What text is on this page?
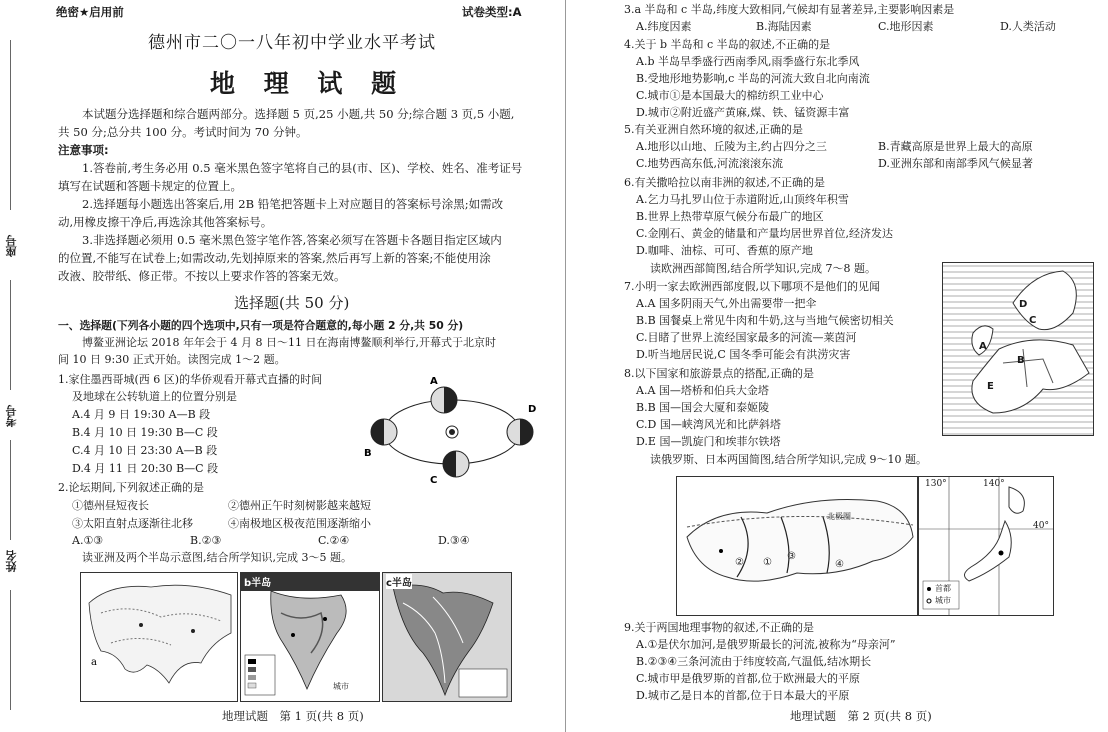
座号
考号
姓名
绝密★启用前	试卷类型:A
德州市二〇一八年初中学业水平考试
地 理 试 题
本试题分选择题和综合题两部分。选择题 5 页,25 小题,共 50 分;综合题 3 页,5 小题,
共 50 分;总分共 100 分。考试时间为 70 分钟。
注意事项:
1.答卷前,考生务必用 0.5 毫米黑色签字笔将自己的县(市、区)、学校、姓名、准考证号
填写在试题和答题卡规定的位置上。
2.选择题每小题选出答案后,用 2B 铅笔把答题卡上对应题目的答案标号涂黑;如需改
动,用橡皮擦干净后,再选涂其他答案标号。
3.非选择题必须用 0.5 毫米黑色签字笔作答,答案必须写在答题卡各题目指定区域内
的位置,不能写在试卷上;如需改动,先划掉原来的答案,然后再写上新的答案;不能使用涂
改液、胶带纸、修正带。不按以上要求作答的答案无效。
选择题(共 50 分)
一、选择题(下列各小题的四个选项中,只有一项是符合题意的,每小题 2 分,共 50 分)
博鳌亚洲论坛 2018 年年会于 4 月 8 日～11 日在海南博鳌顺利举行,开幕式于北京时
间 10 日 9:30 正式开始。读图完成 1～2 题。
1.家住墨西哥城(西 6 区)的华侨观看开幕式直播的时间
及地球在公转轨道上的位置分别是
A.4 月 9 日 19:30 A—B 段
B.4 月 10 日 19:30 B—C 段
C.4 月 10 日 23:30 A—B 段
D.4 月 11 日 20:30 B—C 段
A
B
C
D
2.论坛期间,下列叙述正确的是
①德州昼短夜长	②德州正午时刻树影越来越短
③太阳直射点逐渐往北移	④南极地区极夜范围逐渐缩小
A.①③	B.②③	C.②④	D.③④
读亚洲及两个半岛示意图,结合所学知识,完成 3～5 题。
a
b半岛
城市
c半岛
地理试题　第 1 页(共 8 页)
3.a 半岛和 c 半岛,纬度大致相同,气候却有显著差异,主要影响因素是
A.纬度因素	B.海陆因素	C.地形因素	D.人类活动
4.关于 b 半岛和 c 半岛的叙述,不正确的是
A.b 半岛旱季盛行西南季风,雨季盛行东北季风
B.受地形地势影响,c 半岛的河流大致自北向南流
C.城市①是本国最大的棉纺织工业中心
D.城市②附近盛产黄麻,煤、铁、锰资源丰富
5.有关亚洲自然环境的叙述,正确的是
A.地形以山地、丘陵为主,约占四分之三	B.青藏高原是世界上最大的高原
C.地势西高东低,河流滚滚东流	D.亚洲东部和南部季风气候显著
6.有关撒哈拉以南非洲的叙述,不正确的是
A.乞力马扎罗山位于赤道附近,山顶终年积雪
B.世界上热带草原气候分布最广的地区
C.金刚石、黄金的储量和产量均居世界首位,经济发达
D.咖啡、油棕、可可、香蕉的原产地
读欧洲西部简图,结合所学知识,完成 7～8 题。
7.小明一家去欧洲西部度假,以下哪项不是他们的见闻
A.A 国多阴雨天气,外出需要带一把伞
B.B 国餐桌上常见牛肉和牛奶,这与当地气候密切相关
C.目睹了世界上流经国家最多的河流—莱茵河
D.听当地居民说,C 国冬季可能会有洪涝灾害
8.以下国家和旅游景点的搭配,正确的是
A.A 国—塔桥和伯兵大金塔
B.B 国—国会大厦和泰姬陵
C.D 国—峡湾风光和比萨斜塔
D.E 国—凯旋门和埃菲尔铁塔
读俄罗斯、日本两国简图,结合所学知识,完成 9～10 题。
A
B
C
D
E
①
②
③
④
北极圈
130°	140°
40°
首都
城市
9.关于两国地理事物的叙述,不正确的是
A.①是伏尔加河,是俄罗斯最长的河流,被称为“母亲河”
B.②③④三条河流由于纬度较高,气温低,结冰期长
C.城市甲是俄罗斯的首都,位于欧洲最大的平原
D.城市乙是日本的首都,位于日本最大的平原
地理试题　第 2 页(共 8 页)
